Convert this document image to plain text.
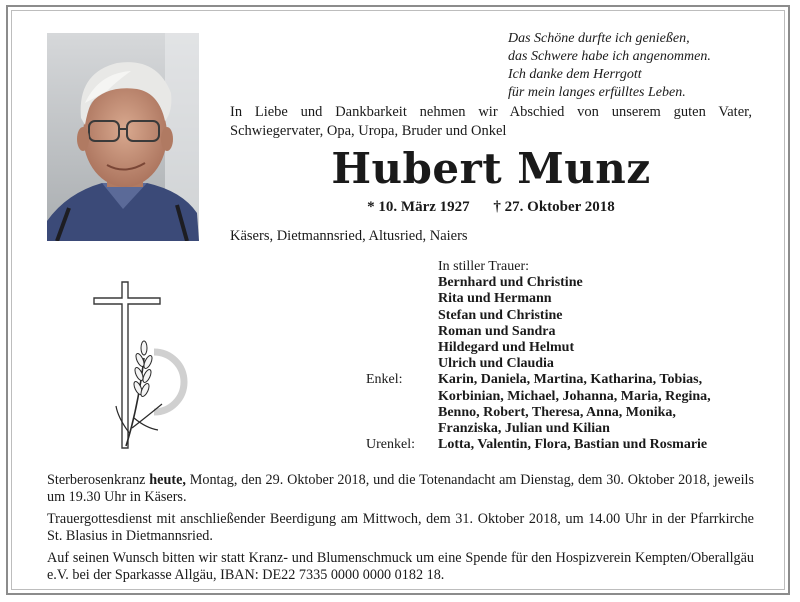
Das Schöne durfte ich genießen,
das Schwere habe ich angenommen.
Ich danke dem Herrgott
für mein langes erfülltes Leben.
In Liebe und Dankbarkeit nehmen wir Abschied von unserem guten Vater, Schwiegervater, Opa, Uropa, Bruder und Onkel
Hubert Munz
* 10. März 1927 † 27. Oktober 2018
Käsers, Dietmannsried, Altusried, Naiers
In stiller Trauer:
Bernhard und Christine
Rita und Hermann
Stefan und Christine
Roman und Sandra
Hildegard und Helmut
Ulrich und Claudia
Enkel:	Karin, Daniela, Martina, Katharina, Tobias,
Korbinian, Michael, Johanna, Maria, Regina,
Benno, Robert, Theresa, Anna, Monika,
Franziska, Julian und Kilian
Urenkel:	Lotta, Valentin, Flora, Bastian und Rosmarie

Sterberosenkranz heute, Montag, den 29. Oktober 2018, und die Totenandacht am Dienstag, dem 30. Oktober 2018, jeweils um 19.30 Uhr in Käsers.

Trauergottesdienst mit anschließender Beerdigung am Mittwoch, dem 31. Oktober 2018, um 14.00 Uhr in der Pfarrkirche St. Blasius in Dietmannsried.

Auf seinen Wunsch bitten wir statt Kranz- und Blumenschmuck um eine Spende für den Hospizverein Kempten/Oberallgäu e.V. bei der Sparkasse Allgäu, IBAN: DE22 7335 0000 0000 0182 18.
